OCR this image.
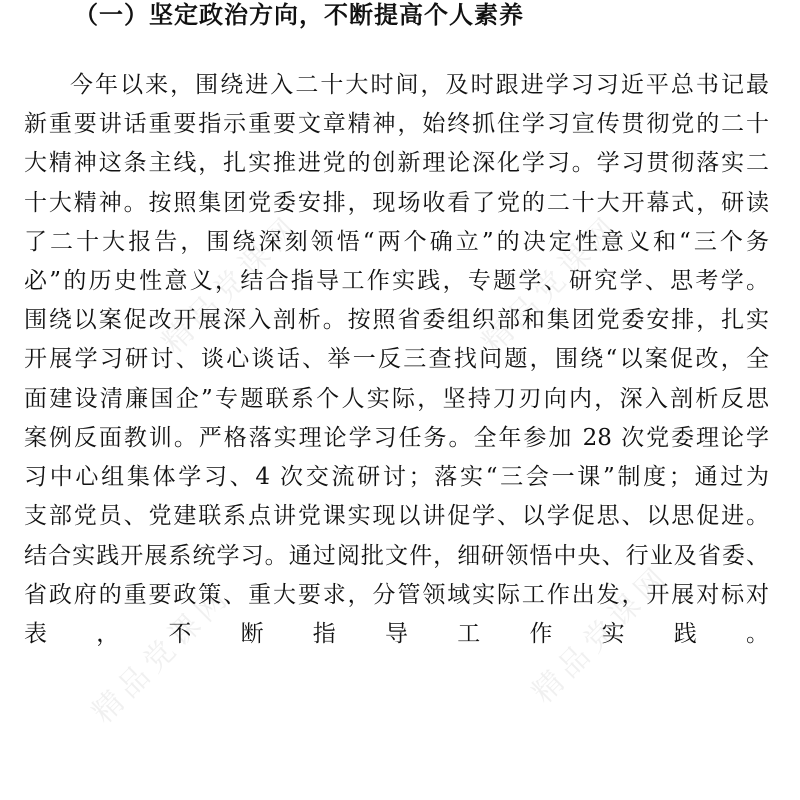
精品党课网
精品党课网	精品党课网
精品党课网
（一）坚定政治方向，不断提高个人素养
今年以来，围绕进入二十大时间，及时跟进学习习近平总书记最
新重要讲话重要指示重要文章精神，始终抓住学习宣传贯彻党的二十
大精神这条主线，扎实推进党的创新理论深化学习。学习贯彻落实二
十大精神。按照集团党委安排，现场收看了党的二十大开幕式，研读
了二十大报告，围绕深刻领悟“两个确立”的决定性意义和“三个务
必”的历史性意义，结合指导工作实践，专题学、研究学、思考学。
围绕以案促改开展深入剖析。按照省委组织部和集团党委安排，扎实
开展学习研讨、谈心谈话、举一反三查找问题，围绕“以案促改，全
面建设清廉国企”专题联系个人实际，坚持刀刃向内，深入剖析反思
案例反面教训。严格落实理论学习任务。全年参加 28 次党委理论学
习中心组集体学习、4 次交流研讨；落实“三会一课”制度；通过为
支部党员、党建联系点讲党课实现以讲促学、以学促思、以思促进。
结合实践开展系统学习。通过阅批文件，细研领悟中央、行业及省委、
省政府的重要政策、重大要求，分管领域实际工作出发，开展对标对
表，不断指导工作实践。
